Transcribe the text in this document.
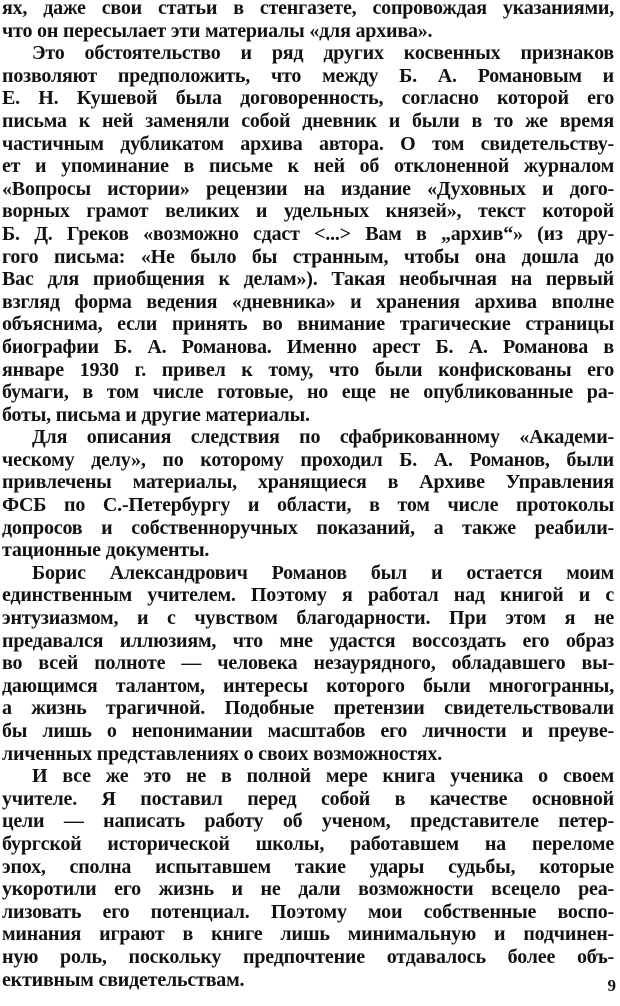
ях, даже свои статьи в стенгазете, сопровождая указаниями,
что он пересылает эти материалы «для архива».
Это обстоятельство и ряд других косвенных признаков
позволяют предположить, что между Б. А. Романовым и
Е. Н. Кушевой была договоренность, согласно которой его
письма к ней заменяли собой дневник и были в то же время
частичным дубликатом архива автора. О том свидетельству-
ет и упоминание в письме к ней об отклоненной журналом
«Вопросы истории» рецензии на издание «Духовных и дого-
ворных грамот великих и удельных князей», текст которой
Б. Д. Греков «возможно сдаст <...> Вам в „архив“» (из дру-
гого письма: «Не было бы странным, чтобы она дошла до
Вас для приобщения к делам»). Такая необычная на первый
взгляд форма ведения «дневника» и хранения архива вполне
объяснима, если принять во внимание трагические страницы
биографии Б. А. Романова. Именно арест Б. А. Романова в
январе 1930 г. привел к тому, что были конфискованы его
бумаги, в том числе готовые, но еще не опубликованные ра-
боты, письма и другие материалы.
Для описания следствия по сфабрикованному «Академи-
ческому делу», по которому проходил Б. А. Романов, были
привлечены материалы, хранящиеся в Архиве Управления
ФСБ по С.-Петербургу и области, в том числе протоколы
допросов и собственноручных показаний, а также реабили-
тационные документы.
Борис Александрович Романов был и остается моим
единственным учителем. Поэтому я работал над книгой и с
энтузиазмом, и с чувством благодарности. При этом я не
предавался иллюзиям, что мне удастся воссоздать его образ
во всей полноте — человека незаурядного, обладавшего вы-
дающимся талантом, интересы которого были многогранны,
а жизнь трагичной. Подобные претензии свидетельствовали
бы лишь о непонимании масштабов его личности и преуве-
личенных представлениях о своих возможностях.
И все же это не в полной мере книга ученика о своем
учителе. Я поставил перед собой в качестве основной
цели — написать работу об ученом, представителе петер-
бургской исторической школы, работавшем на переломе
эпох, сполна испытавшем такие удары судьбы, которые
укоротили его жизнь и не дали возможности всецело реа-
лизовать его потенциал. Поэтому мои собственные воспо-
минания играют в книге лишь минимальную и подчинен-
ную роль, поскольку предпочтение отдавалось более объ-
ективным свидетельствам.	9
